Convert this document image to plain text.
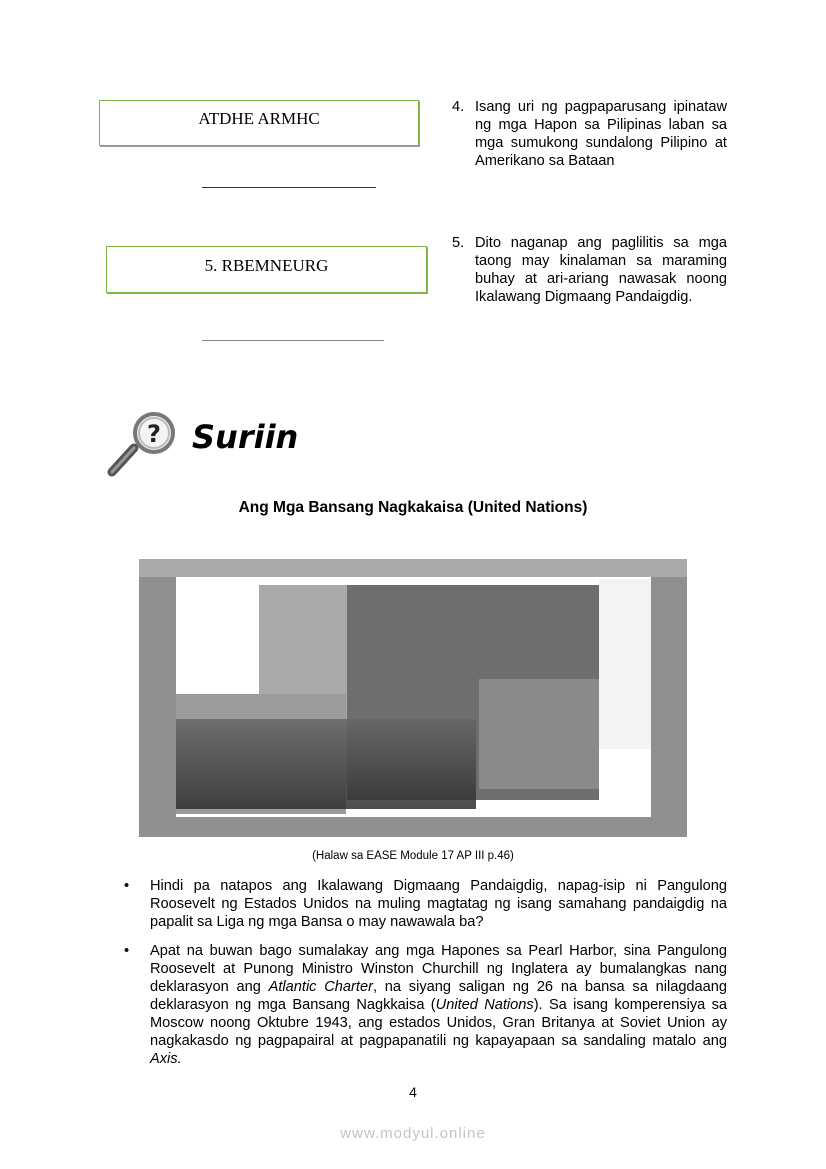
ATDHE ARMHC
4. Isang uri ng pagpaparusang ipinataw ng mga Hapon sa Pilipinas laban sa mga sumukong sundalong Pilipino at Amerikano sa Bataan
5. RBEMNEURG
5. Dito naganap ang paglilitis sa mga taong may kinalaman sa maraming buhay at ari-ariang nawasak noong Ikalawang Digmaang Pandaigdig.
? Suriin
Ang Mga Bansang Nagkakaisa (United Nations)
(Halaw sa EASE Module 17 AP III p.46)
• Hindi pa natapos ang Ikalawang Digmaang Pandaigdig, napag-isip ni Pangulong Roosevelt ng Estados Unidos na muling magtatag ng isang samahang pandaigdig na papalit sa Liga ng mga Bansa o may nawawala ba?
• Apat na buwan bago sumalakay ang mga Hapones sa Pearl Harbor, sina Pangulong Roosevelt at Punong Ministro Winston Churchill ng Inglatera ay bumalangkas nang deklarasyon ang Atlantic Charter, na siyang saligan ng 26 na bansa sa nilagdaang deklarasyon ng mga Bansang Nagkkaisa (United Nations). Sa isang komperensiya sa Moscow noong Oktubre 1943, ang estados Unidos, Gran Britanya at Soviet Union ay nagkakasdo ng pagpapairal at pagpapanatili ng kapayapaan sa sandaling matalo ang Axis.
4
www.modyul.online
